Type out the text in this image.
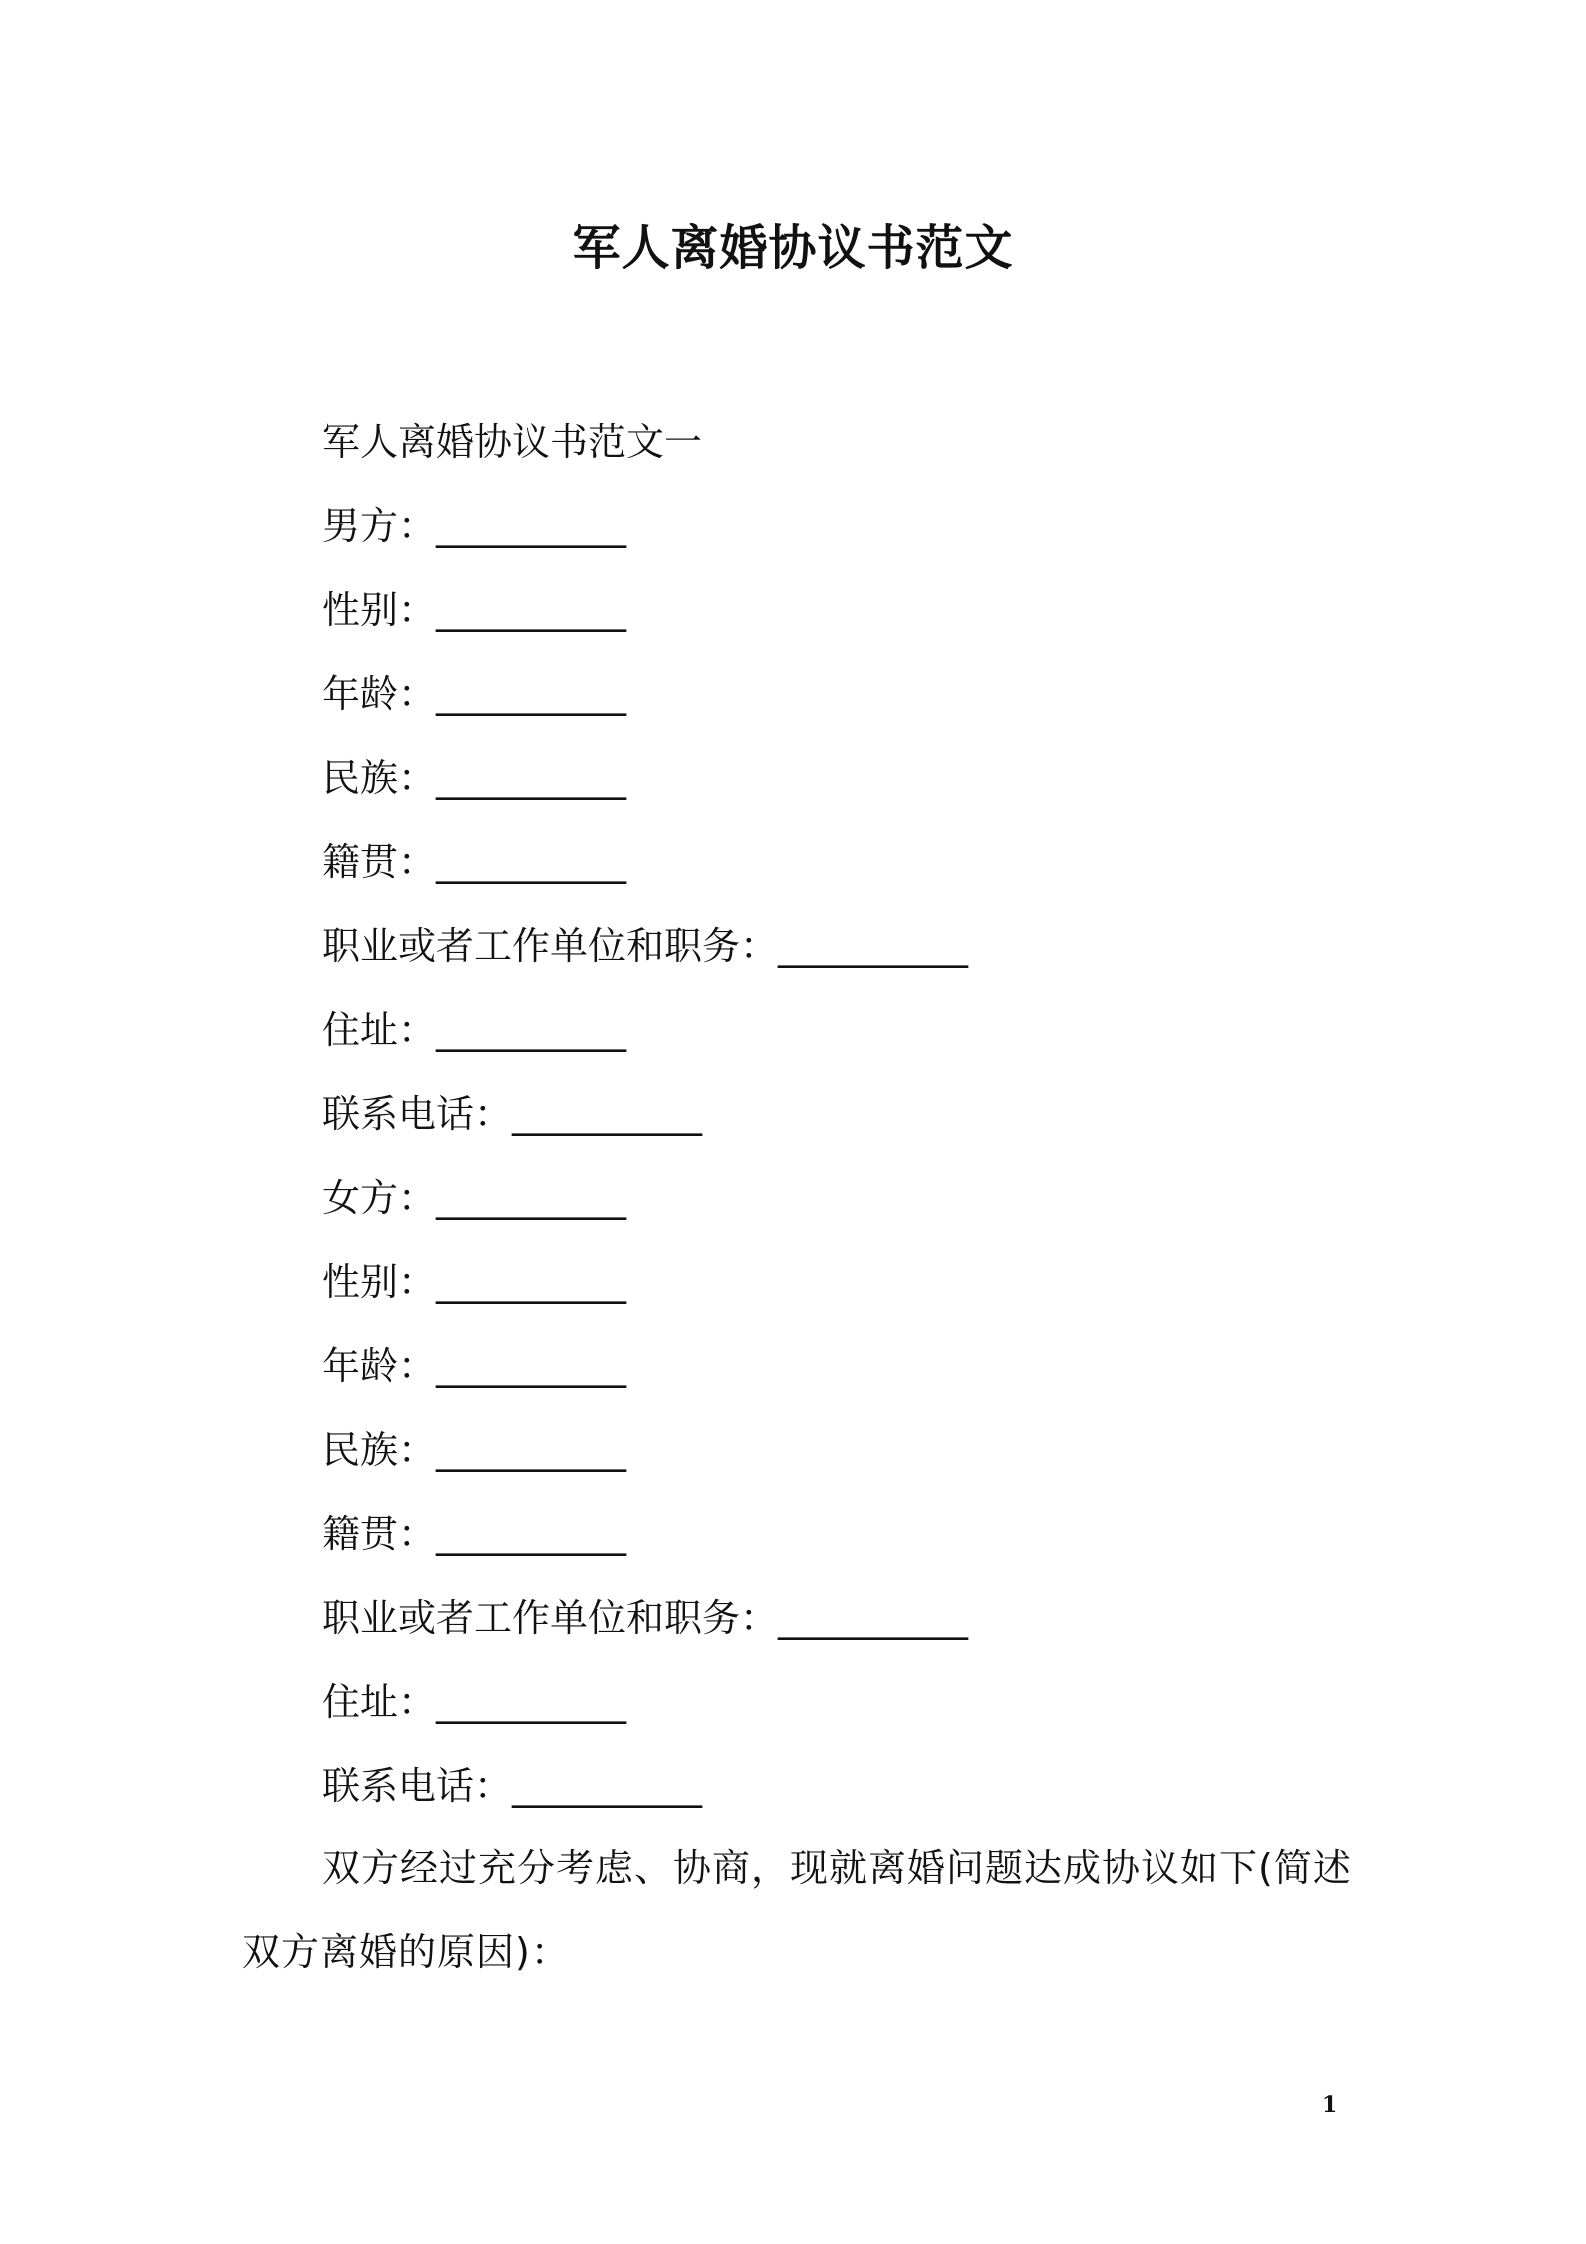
军人离婚协议书范文

军人离婚协议书范文一

男方：__________

性别：__________

年龄：__________

民族：__________

籍贯：__________

职业或者工作单位和职务：__________

住址：__________

联系电话：__________

女方：__________

性别：__________

年龄：__________

民族：__________

籍贯：__________

职业或者工作单位和职务：__________

住址：__________

联系电话：__________

双方经过充分考虑、协商，现就离婚问题达成协议如下(简述双方离婚的原因)：

1
